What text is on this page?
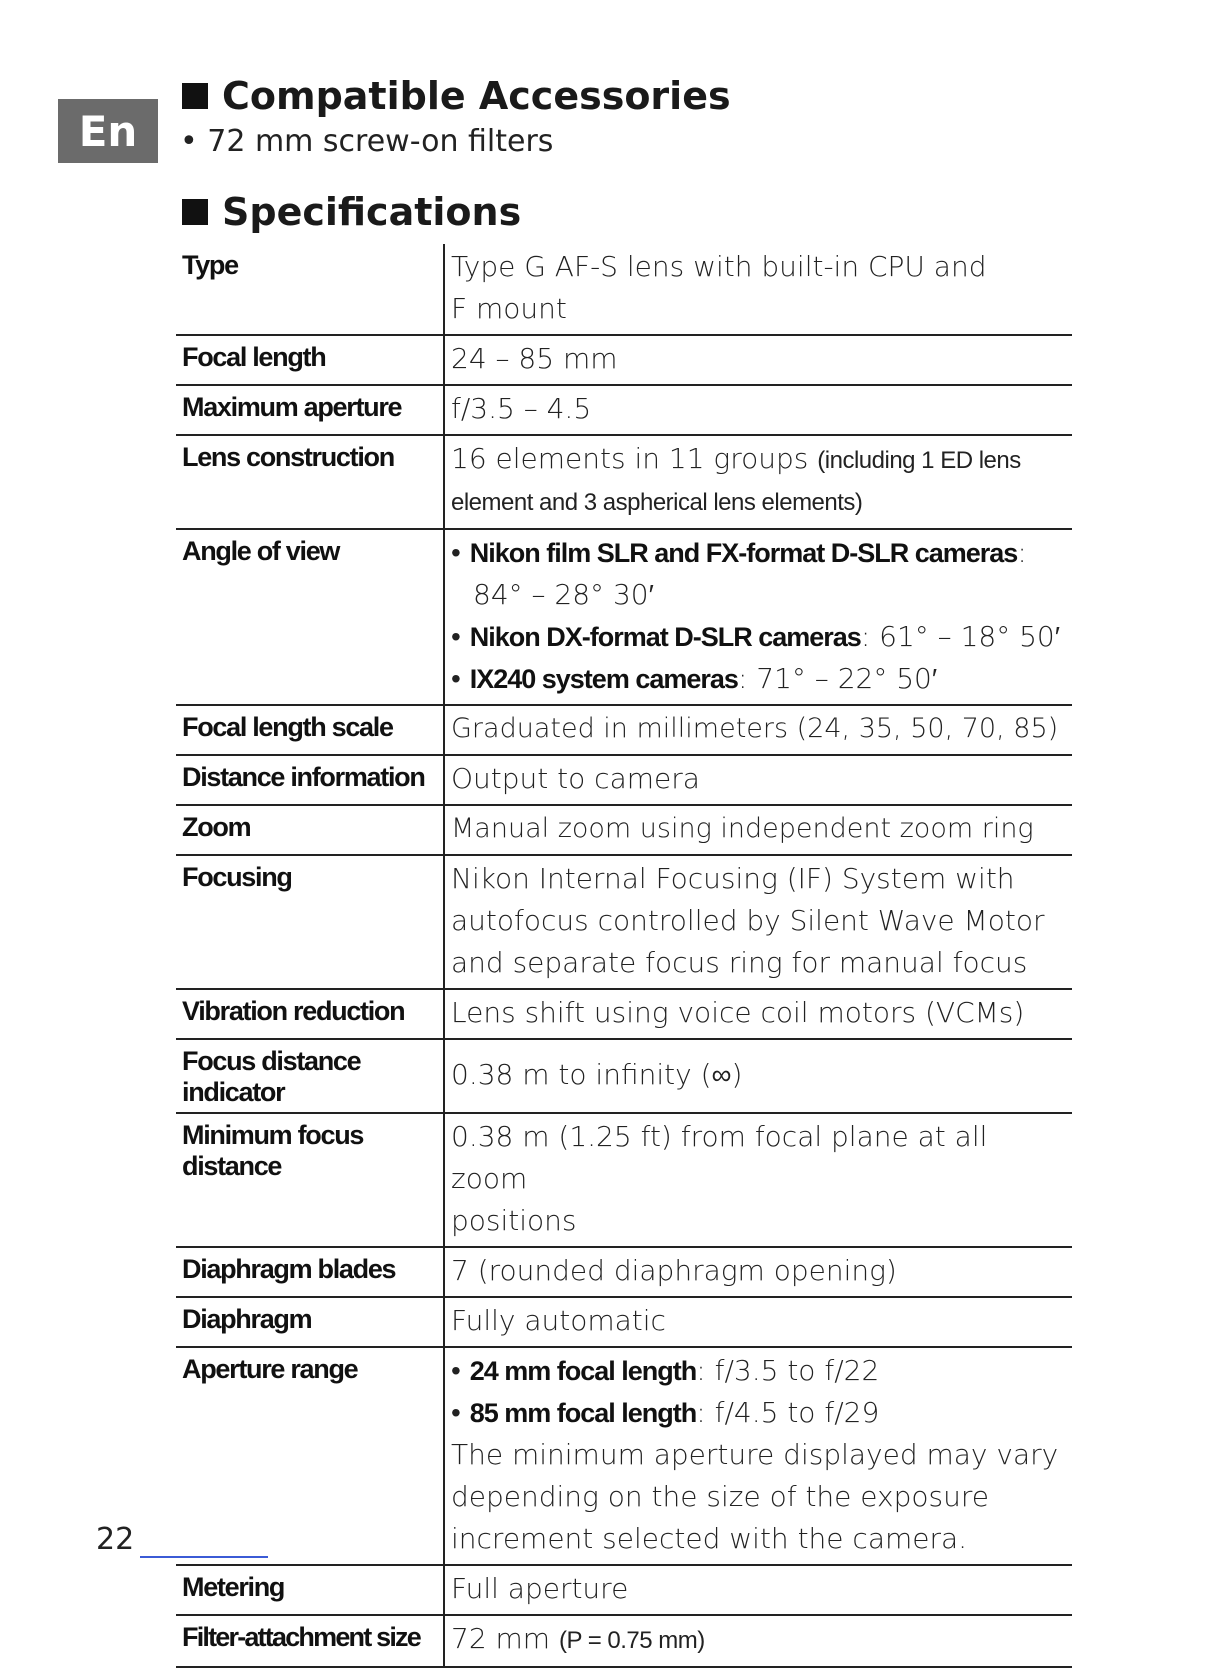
En
Compatible Accessories
• 72 mm screw-on filters
Specifications
Type	Type G AF-S lens with built-in CPU and
F mount

Focal length	24 – 85 mm
Maximum aperture	f/3.5 – 4.5
Lens construction	16 elements in 11 groups (including 1 ED lens
element and 3 aspherical lens elements)

Angle of view	• Nikon film SLR and FX-format D-SLR cameras:
84° – 28° 30′
• Nikon DX-format D-SLR cameras: 61° – 18° 50′
• IX240 system cameras: 71° – 22° 50′

Focal length scale	Graduated in millimeters (24, 35, 50, 70, 85)
Distance information	Output to camera
Zoom	Manual zoom using independent zoom ring
Focusing	Nikon Internal Focusing (IF) System with
autofocus controlled by Silent Wave Motor
and separate focus ring for manual focus

Vibration reduction	Lens shift using voice coil motors (VCMs)
Focus distance indicator	0.38 m to infinity (∞)
Minimum focus distance	0.38 m (1.25 ft) from focal plane at all zoom
positions

Diaphragm blades	7 (rounded diaphragm opening)
Diaphragm	Fully automatic
Aperture range	• 24 mm focal length: f/3.5 to f/22
• 85 mm focal length: f/4.5 to f/29
The minimum aperture displayed may vary
depending on the size of the exposure
increment selected with the camera.

Metering	Full aperture
Filter-attachment size	72 mm (P = 0.75 mm)
22
